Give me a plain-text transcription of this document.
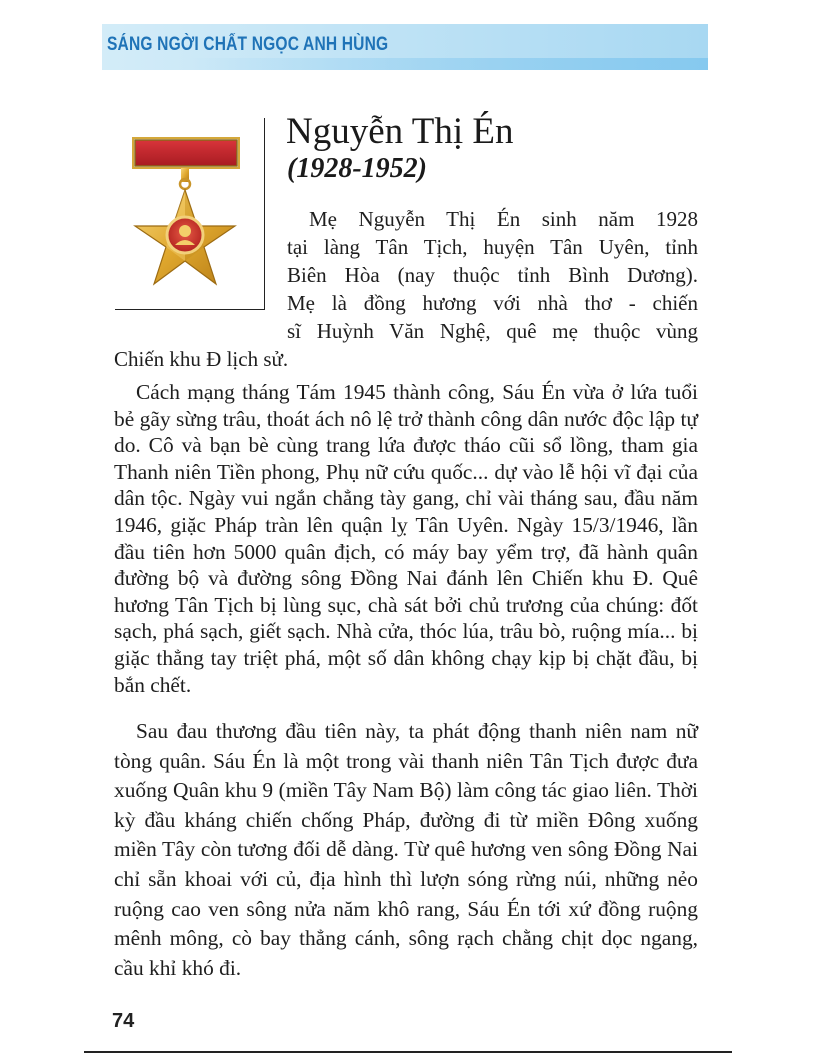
SÁNG NGỜI CHẤT NGỌC ANH HÙNG
Nguyễn Thị Én
(1928-1952)
Mẹ Nguyễn Thị Én sinh năm 1928
tại làng Tân Tịch, huyện Tân Uyên, tỉnh
Biên Hòa (nay thuộc tỉnh Bình Dương).
Mẹ là đồng hương với nhà thơ - chiến
sĩ Huỳnh Văn Nghệ, quê mẹ thuộc vùng
Chiến khu Đ lịch sử.
Cách mạng tháng Tám 1945 thành công, Sáu Én vừa ở lứa tuổi bẻ gãy sừng trâu, thoát ách nô lệ trở thành công dân nước độc lập tự do. Cô và bạn bè cùng trang lứa được tháo cũi sổ lồng, tham gia Thanh niên Tiền phong, Phụ nữ cứu quốc... dự vào lễ hội vĩ đại của dân tộc. Ngày vui ngắn chẳng tày gang, chỉ vài tháng sau, đầu năm 1946, giặc Pháp tràn lên quận lỵ Tân Uyên. Ngày 15/3/1946, lần đầu tiên hơn 5000 quân địch, có máy bay yểm trợ, đã hành quân đường bộ và đường sông Đồng Nai đánh lên Chiến khu Đ. Quê hương Tân Tịch bị lùng sục, chà sát bởi chủ trương của chúng: đốt sạch, phá sạch, giết sạch. Nhà cửa, thóc lúa, trâu bò, ruộng mía... bị giặc thẳng tay triệt phá, một số dân không chạy kịp bị chặt đầu, bị bắn chết.
Sau đau thương đầu tiên này, ta phát động thanh niên nam nữ tòng quân. Sáu Én là một trong vài thanh niên Tân Tịch được đưa xuống Quân khu 9 (miền Tây Nam Bộ) làm công tác giao liên. Thời kỳ đầu kháng chiến chống Pháp, đường đi từ miền Đông xuống miền Tây còn tương đối dễ dàng. Từ quê hương ven sông Đồng Nai chỉ sẵn khoai với củ, địa hình thì lượn sóng rừng núi, những nẻo ruộng cao ven sông nửa năm khô rang, Sáu Én tới xứ đồng ruộng mênh mông, cò bay thẳng cánh, sông rạch chằng chịt dọc ngang, cầu khỉ khó đi.
74
